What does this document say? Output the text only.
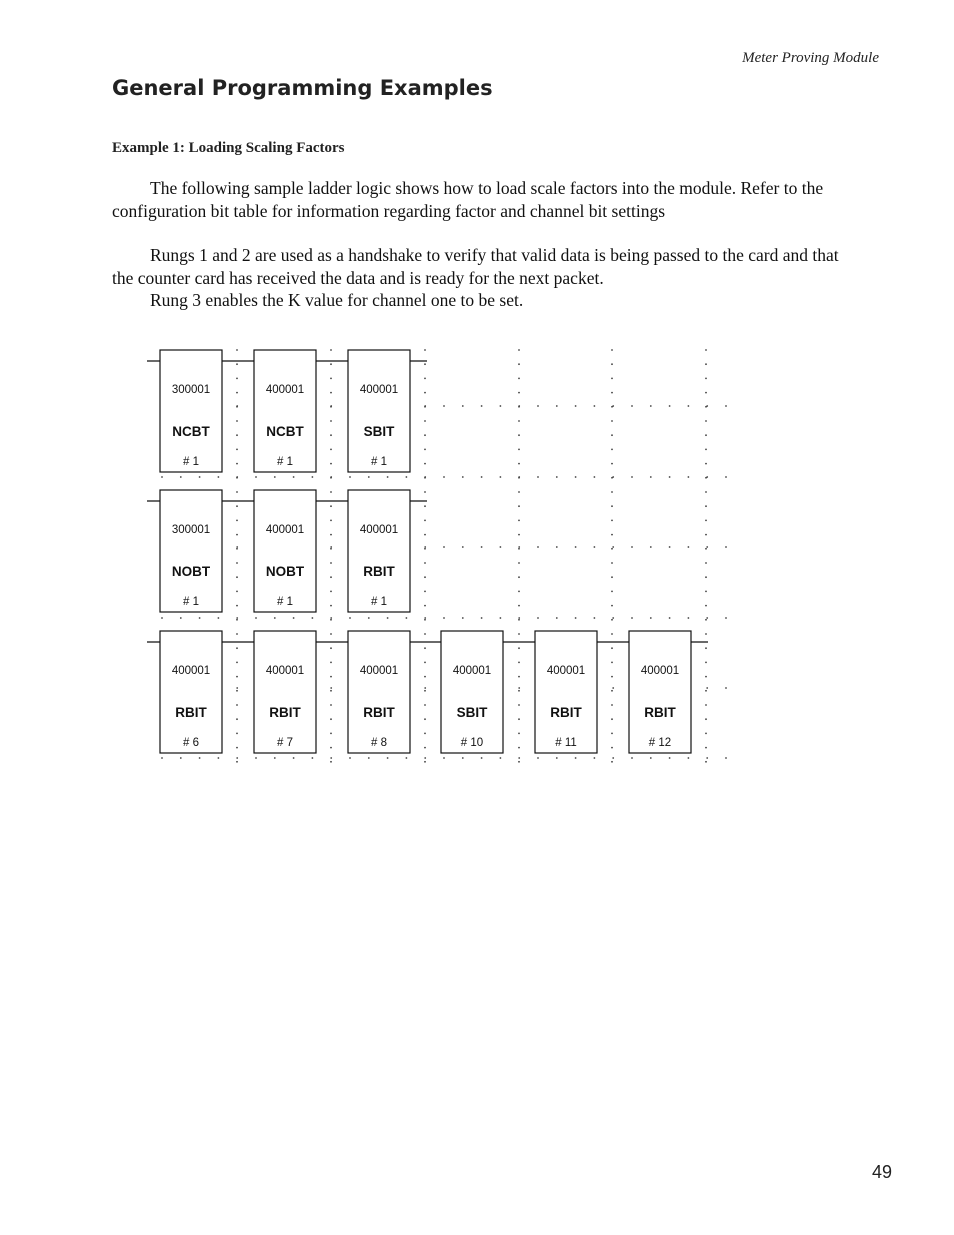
Meter Proving Module
General Programming Examples
Example 1: Loading Scaling Factors

The following sample ladder logic shows how to load scale factors into the module. Refer to the configuration bit table for information regarding factor and channel bit settings

Rungs 1 and 2 are used as a handshake to verify that valid data is being passed to the card and that the counter card has received the data and is ready for the next packet.

Rung 3 enables the K value for channel one to be set.

300001
NCBT
# 1
400001
NCBT
# 1
400001
SBIT
# 1
300001
NOBT
# 1
400001
NOBT
# 1
400001
RBIT
# 1
400001
RBIT
# 6
400001
RBIT
# 7
400001
RBIT
# 8
400001
SBIT
# 10
400001
RBIT
# 11
400001
RBIT
# 12
49
